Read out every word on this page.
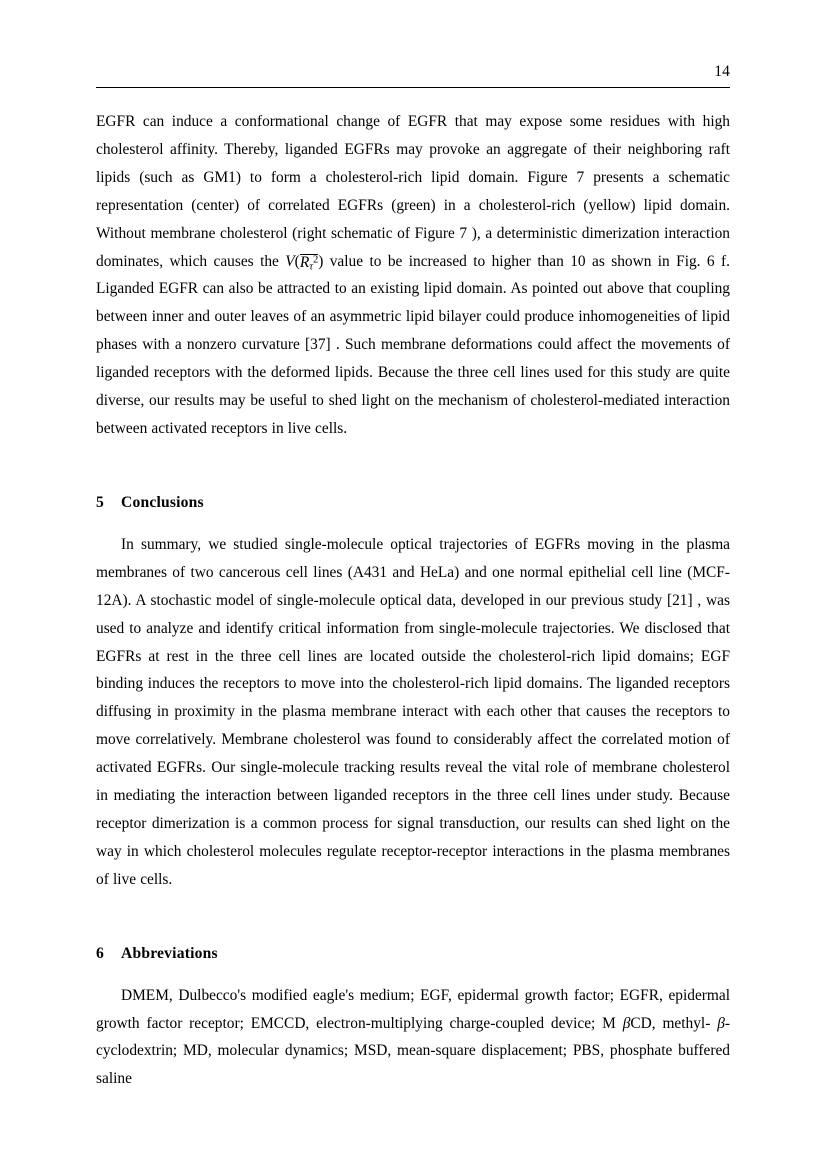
14

EGFR can induce a conformational change of EGFR that may expose some residues with high cholesterol affinity. Thereby, liganded EGFRs may provoke an aggregate of their neighboring raft lipids (such as GM1) to form a cholesterol-rich lipid domain. Figure 7 presents a schematic representation (center) of correlated EGFRs (green) in a cholesterol-rich (yellow) lipid domain. Without membrane cholesterol (right schematic of Figure 7 ), a deterministic dimerization interaction dominates, which causes the $V(R_\tau^2)$ value to be increased to higher than 10 as shown in Fig. 6 f. Liganded EGFR can also be attracted to an existing lipid domain. As pointed out above that coupling between inner and outer leaves of an asymmetric lipid bilayer could produce inhomogeneities of lipid phases with a nonzero curvature [37] . Such membrane deformations could affect the movements of liganded receptors with the deformed lipids. Because the three cell lines used for this study are quite diverse, our results may be useful to shed light on the mechanism of cholesterol-mediated interaction between activated receptors in live cells.

5 Conclusions

In summary, we studied single-molecule optical trajectories of EGFRs moving in the plasma membranes of two cancerous cell lines (A431 and HeLa) and one normal epithelial cell line (MCF-12A). A stochastic model of single-molecule optical data, developed in our previous study [21] , was used to analyze and identify critical information from single-molecule trajectories. We disclosed that EGFRs at rest in the three cell lines are located outside the cholesterol-rich lipid domains; EGF binding induces the receptors to move into the cholesterol-rich lipid domains. The liganded receptors diffusing in proximity in the plasma membrane interact with each other that causes the receptors to move correlatively. Membrane cholesterol was found to considerably affect the correlated motion of activated EGFRs. Our single-molecule tracking results reveal the vital role of membrane cholesterol in mediating the interaction between liganded receptors in the three cell lines under study. Because receptor dimerization is a common process for signal transduction, our results can shed light on the way in which cholesterol molecules regulate receptor-receptor interactions in the plasma membranes of live cells.

6 Abbreviations

DMEM, Dulbecco's modified eagle's medium; EGF, epidermal growth factor; EGFR, epidermal growth factor receptor; EMCCD, electron-multiplying charge-coupled device; M βCD, methyl- β-cyclodextrin; MD, molecular dynamics; MSD, mean-square displacement; PBS, phosphate buffered saline
